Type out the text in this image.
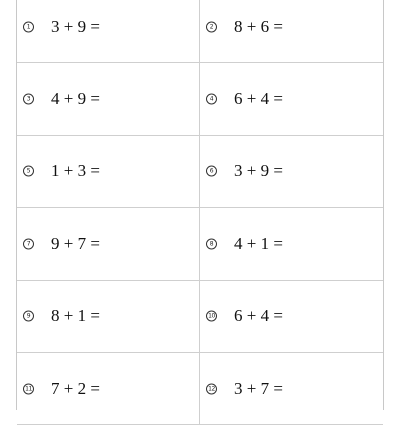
1 3 + 9 =	2 8 + 6 =
3 4 + 9 =	4 6 + 4 =
5 1 + 3 =	6 3 + 9 =
7 9 + 7 =	8 4 + 1 =
9 8 + 1 =	10 6 + 4 =
11 7 + 2 =	12 3 + 7 =
